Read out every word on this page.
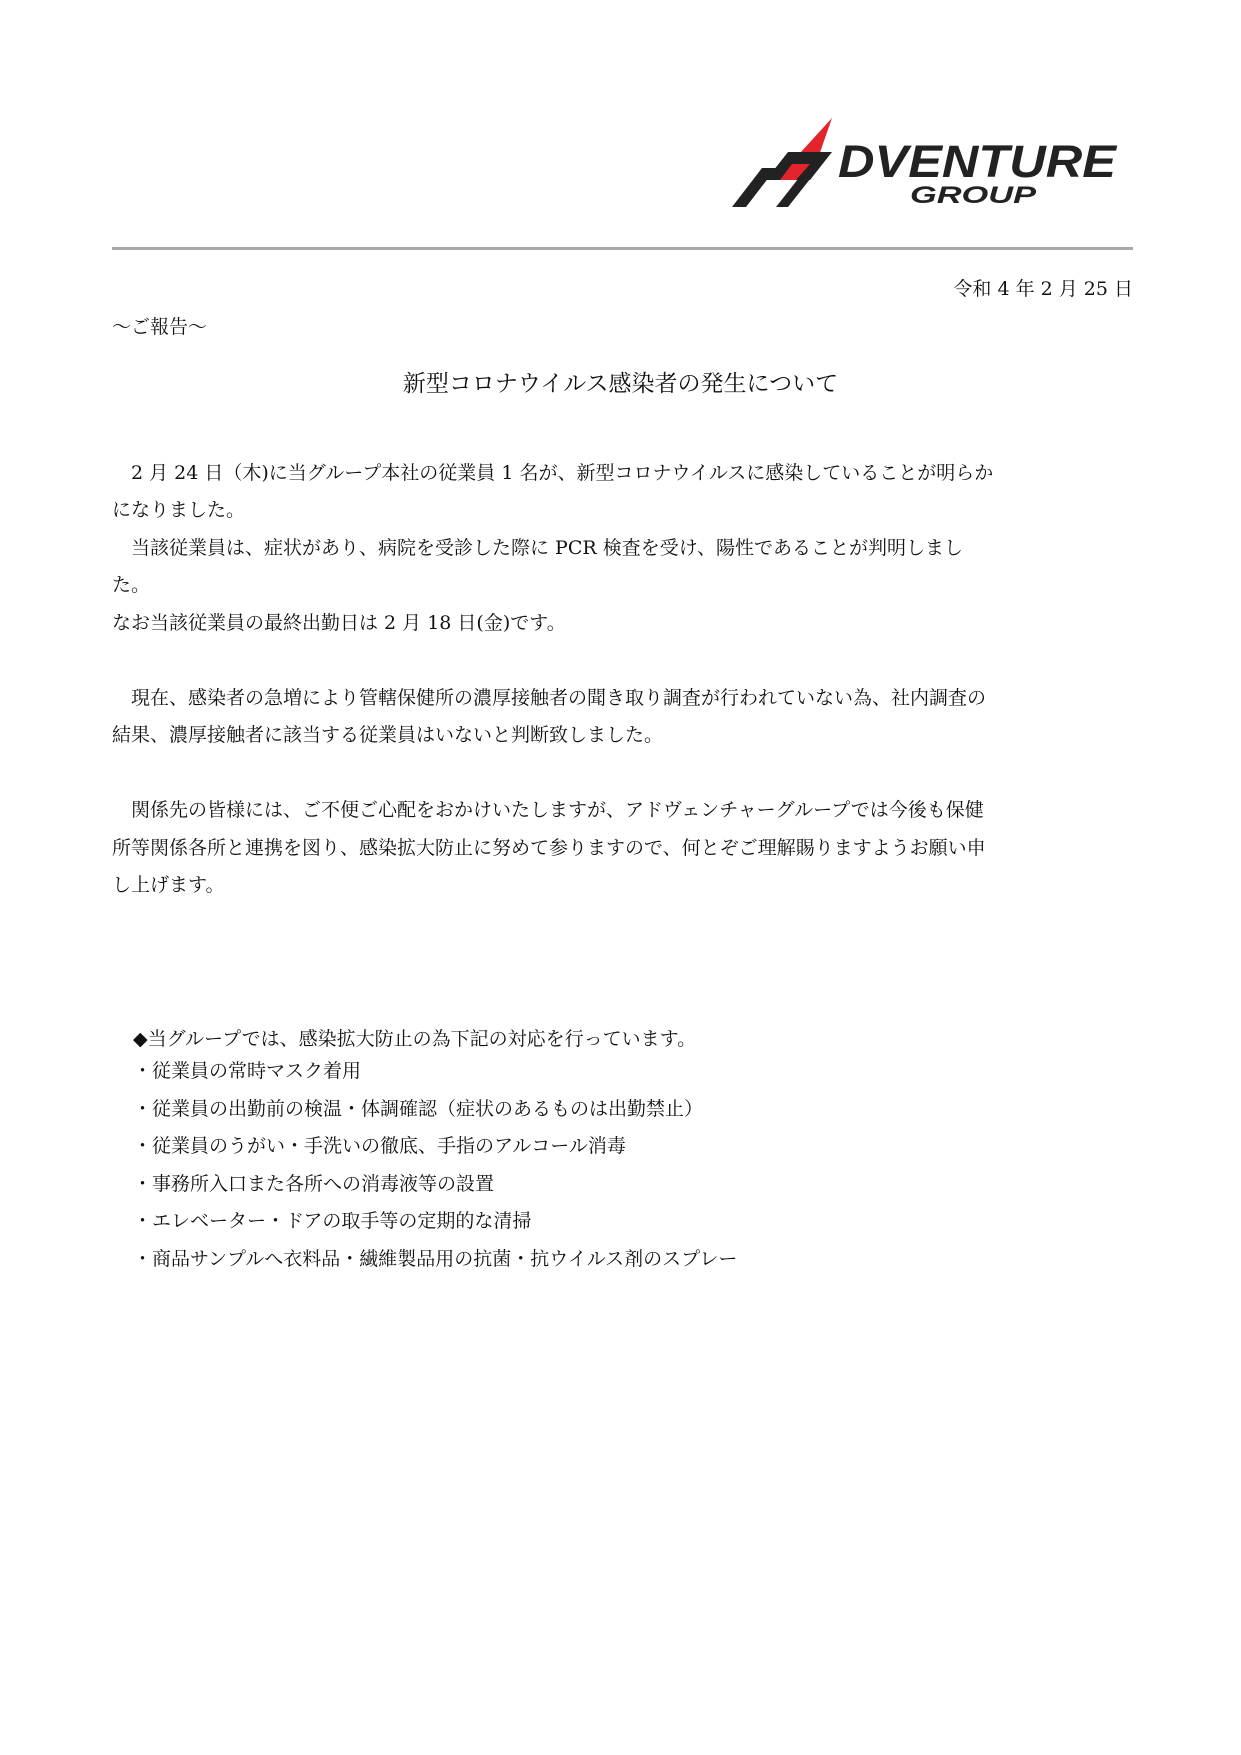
DVENTURE
GROUP
令和 4 年 2 月 25 日
〜ご報告〜
新型コロナウイルス感染者の発生について
　2 月 24 日（木)に当グループ本社の従業員 1 名が、新型コロナウイルスに感染していることが明らか
になりました。
　当該従業員は、症状があり、病院を受診した際に PCR 検査を受け、陽性であることが判明しまし
た。
なお当該従業員の最終出勤日は 2 月 18 日(金)です。
　現在、感染者の急増により管轄保健所の濃厚接触者の聞き取り調査が行われていない為、社内調査の
結果、濃厚接触者に該当する従業員はいないと判断致しました。
　関係先の皆様には、ご不便ご心配をおかけいたしますが、アドヴェンチャーグループでは今後も保健
所等関係各所と連携を図り、感染拡大防止に努めて参りますので、何とぞご理解賜りますようお願い申
し上げます。
◆当グループでは、感染拡大防止の為下記の対応を行っています。
・従業員の常時マスク着用
・従業員の出勤前の検温・体調確認（症状のあるものは出勤禁止）
・従業員のうがい・手洗いの徹底、手指のアルコール消毒
・事務所入口また各所への消毒液等の設置
・エレベーター・ドアの取手等の定期的な清掃
・商品サンプルへ衣料品・繊維製品用の抗菌・抗ウイルス剤のスプレー
